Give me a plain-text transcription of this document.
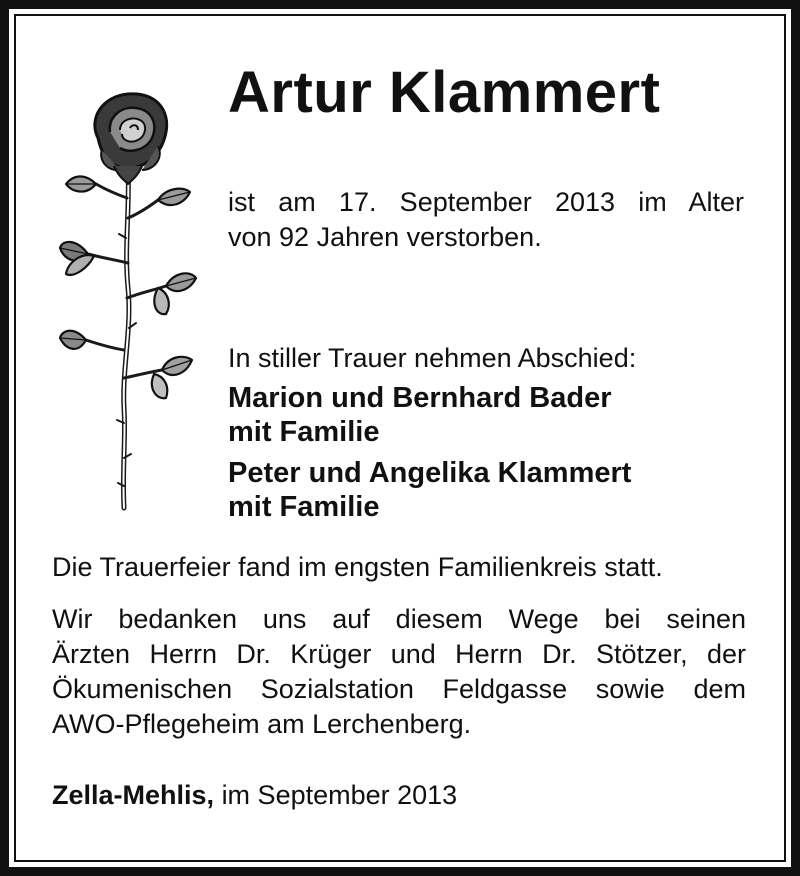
Artur Klammert
ist am 17. September 2013 im Alter
von 92 Jahren verstorben.
In stiller Trauer nehmen Abschied:
Marion und Bernhard Bader
mit Familie
Peter und Angelika Klammert
mit Familie
Die Trauerfeier fand im engsten Familienkreis statt.
Wir bedanken uns auf diesem Wege bei seinen
Ärzten Herrn Dr. Krüger und Herrn Dr. Stötzer, der
Ökumenischen Sozialstation Feldgasse sowie dem
AWO-Pflegeheim am Lerchenberg.
Zella-Mehlis, im September 2013
